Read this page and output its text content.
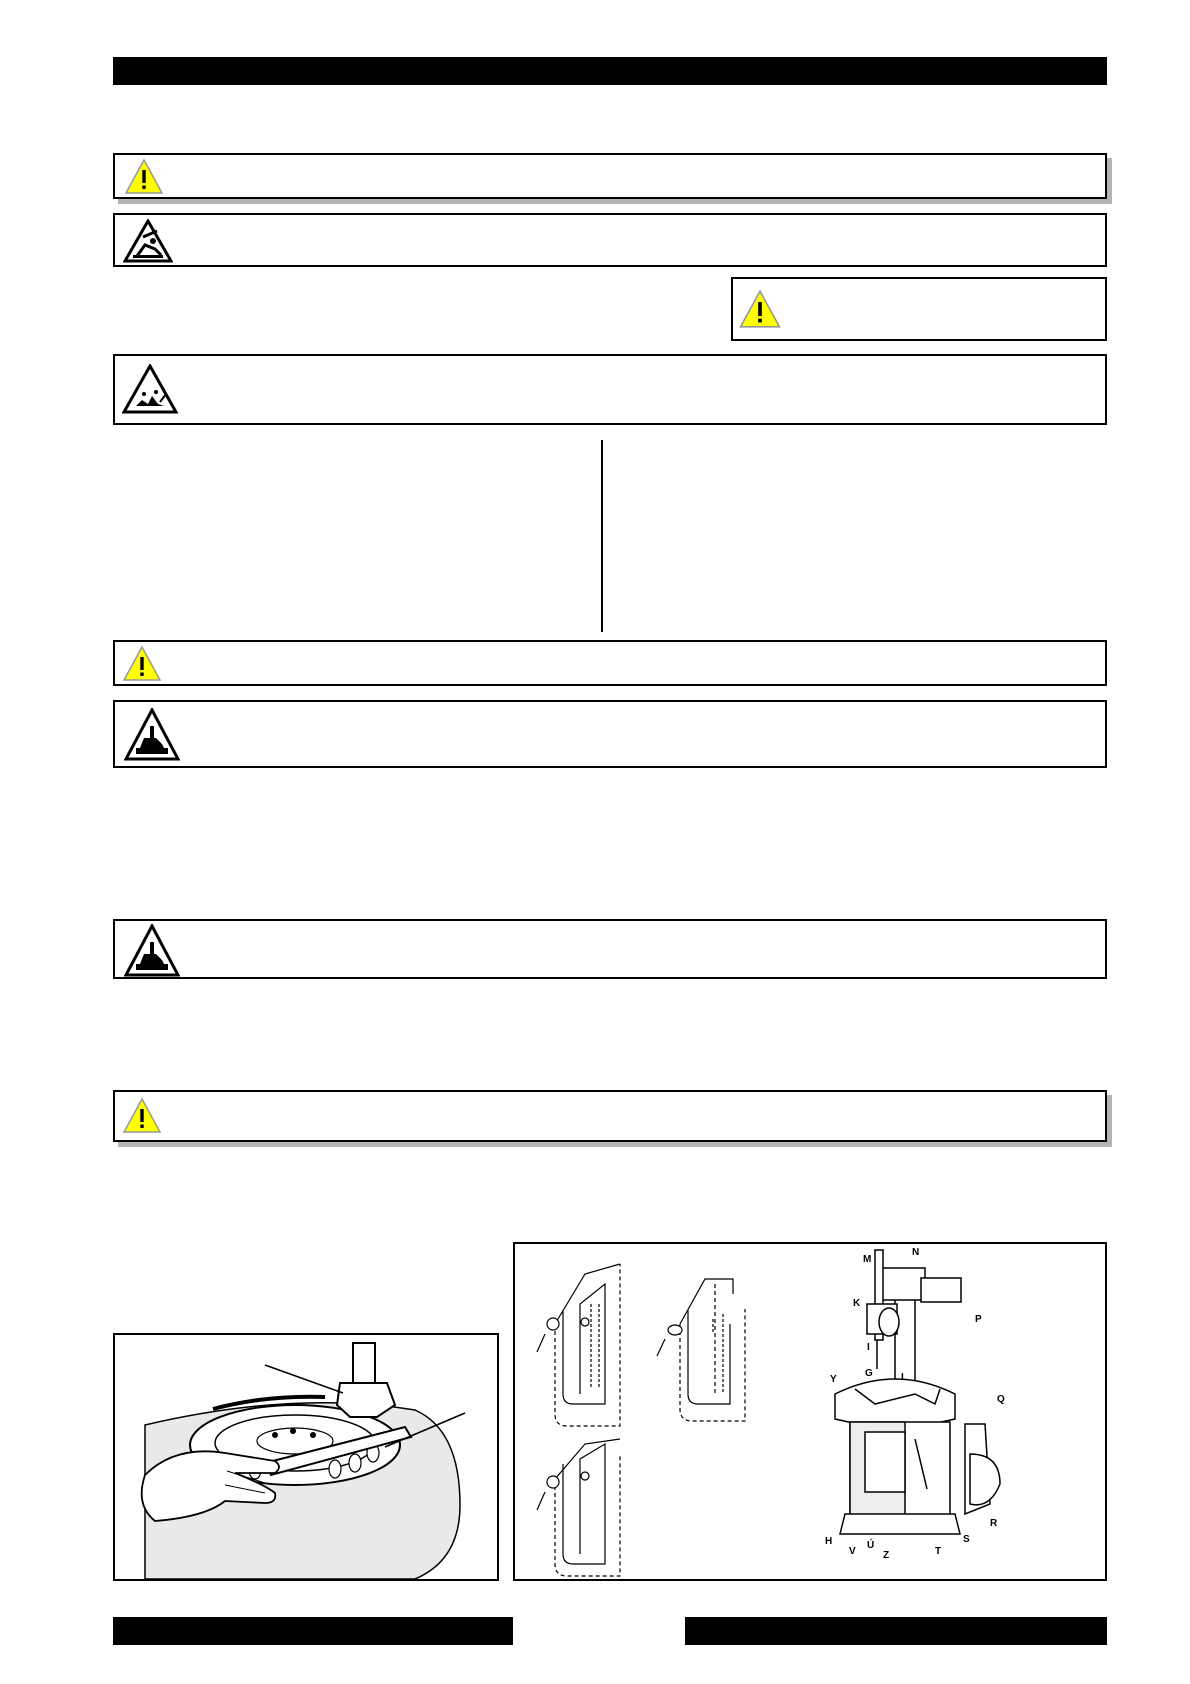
M
N
K
P
I
Y
G	L
Q
R
H
V
Ú
Z	T
S
